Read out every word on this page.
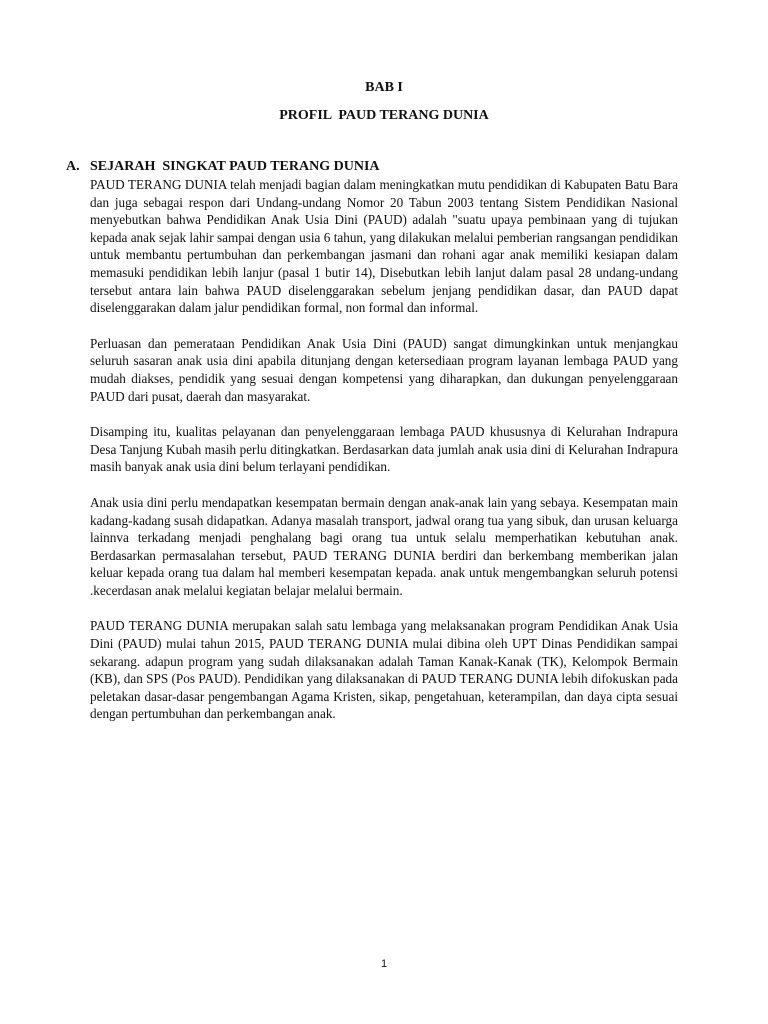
BAB I
PROFIL  PAUD TERANG DUNIA
A. SEJARAH  SINGKAT PAUD TERANG DUNIA

PAUD TERANG DUNIA telah menjadi bagian dalam meningkatkan mutu pendidikan di Kabupaten Batu Bara dan juga sebagai respon dari Undang-undang Nomor 20 Tabun 2003 tentang Sistem Pendidikan Nasional menyebutkan bahwa Pendidikan Anak Usia Dini (PAUD) adalah "suatu upaya pembinaan yang di tujukan kepada anak sejak lahir sampai dengan usia 6 tahun, yang dilakukan melalui pemberian rangsangan pendidikan untuk membantu pertumbuhan dan perkembangan jasmani dan rohani agar anak memiliki kesiapan dalam memasuki pendidikan lebih lanjur (pasal 1 butir 14), Disebutkan lebih lanjut dalam pasal 28 undang-undang tersebut antara lain bahwa PAUD diselenggarakan sebelum jenjang pendidikan dasar, dan PAUD dapat diselenggarakan dalam jalur pendidikan formal, non formal dan informal.

Perluasan dan pemerataan Pendidikan Anak Usia Dini (PAUD) sangat dimungkinkan untuk menjangkau seluruh sasaran anak usia dini apabila ditunjang dengan ketersediaan program layanan lembaga PAUD yang mudah diakses, pendidik yang sesuai dengan kompetensi yang diharapkan, dan dukungan penyelenggaraan PAUD dari pusat, daerah dan masyarakat.

Disamping itu, kualitas pelayanan dan penyelenggaraan lembaga PAUD khususnya di Kelurahan Indrapura Desa Tanjung Kubah masih perlu ditingkatkan. Berdasarkan data jumlah anak usia dini di Kelurahan Indrapura masih banyak anak usia dini belum terlayani pendidikan.

Anak usia dini perlu mendapatkan kesempatan bermain dengan anak-anak lain yang sebaya. Kesempatan main kadang-kadang susah didapatkan. Adanya masalah transport, jadwal orang tua yang sibuk, dan urusan keluarga lainnva terkadang menjadi penghalang bagi orang tua untuk selalu memperhatikan kebutuhan anak. Berdasarkan permasalahan tersebut, PAUD TERANG DUNIA berdiri dan berkembang memberikan jalan keluar kepada orang tua dalam hal memberi kesempatan kepada. anak untuk mengembangkan seluruh potensi .kecerdasan anak melalui kegiatan belajar melalui bermain.

PAUD TERANG DUNIA merupakan salah satu lembaga yang melaksanakan program Pendidikan Anak Usia Dini (PAUD) mulai tahun 2015, PAUD TERANG DUNIA mulai dibina oleh UPT Dinas Pendidikan sampai sekarang. adapun program yang sudah dilaksanakan adalah Taman Kanak-Kanak (TK), Kelompok Bermain (KB), dan SPS (Pos PAUD). Pendidikan yang dilaksanakan di PAUD TERANG DUNIA lebih difokuskan pada peletakan dasar-dasar pengembangan Agama Kristen, sikap, pengetahuan, keterampilan, dan daya cipta sesuai dengan pertumbuhan dan perkembangan anak.

1
